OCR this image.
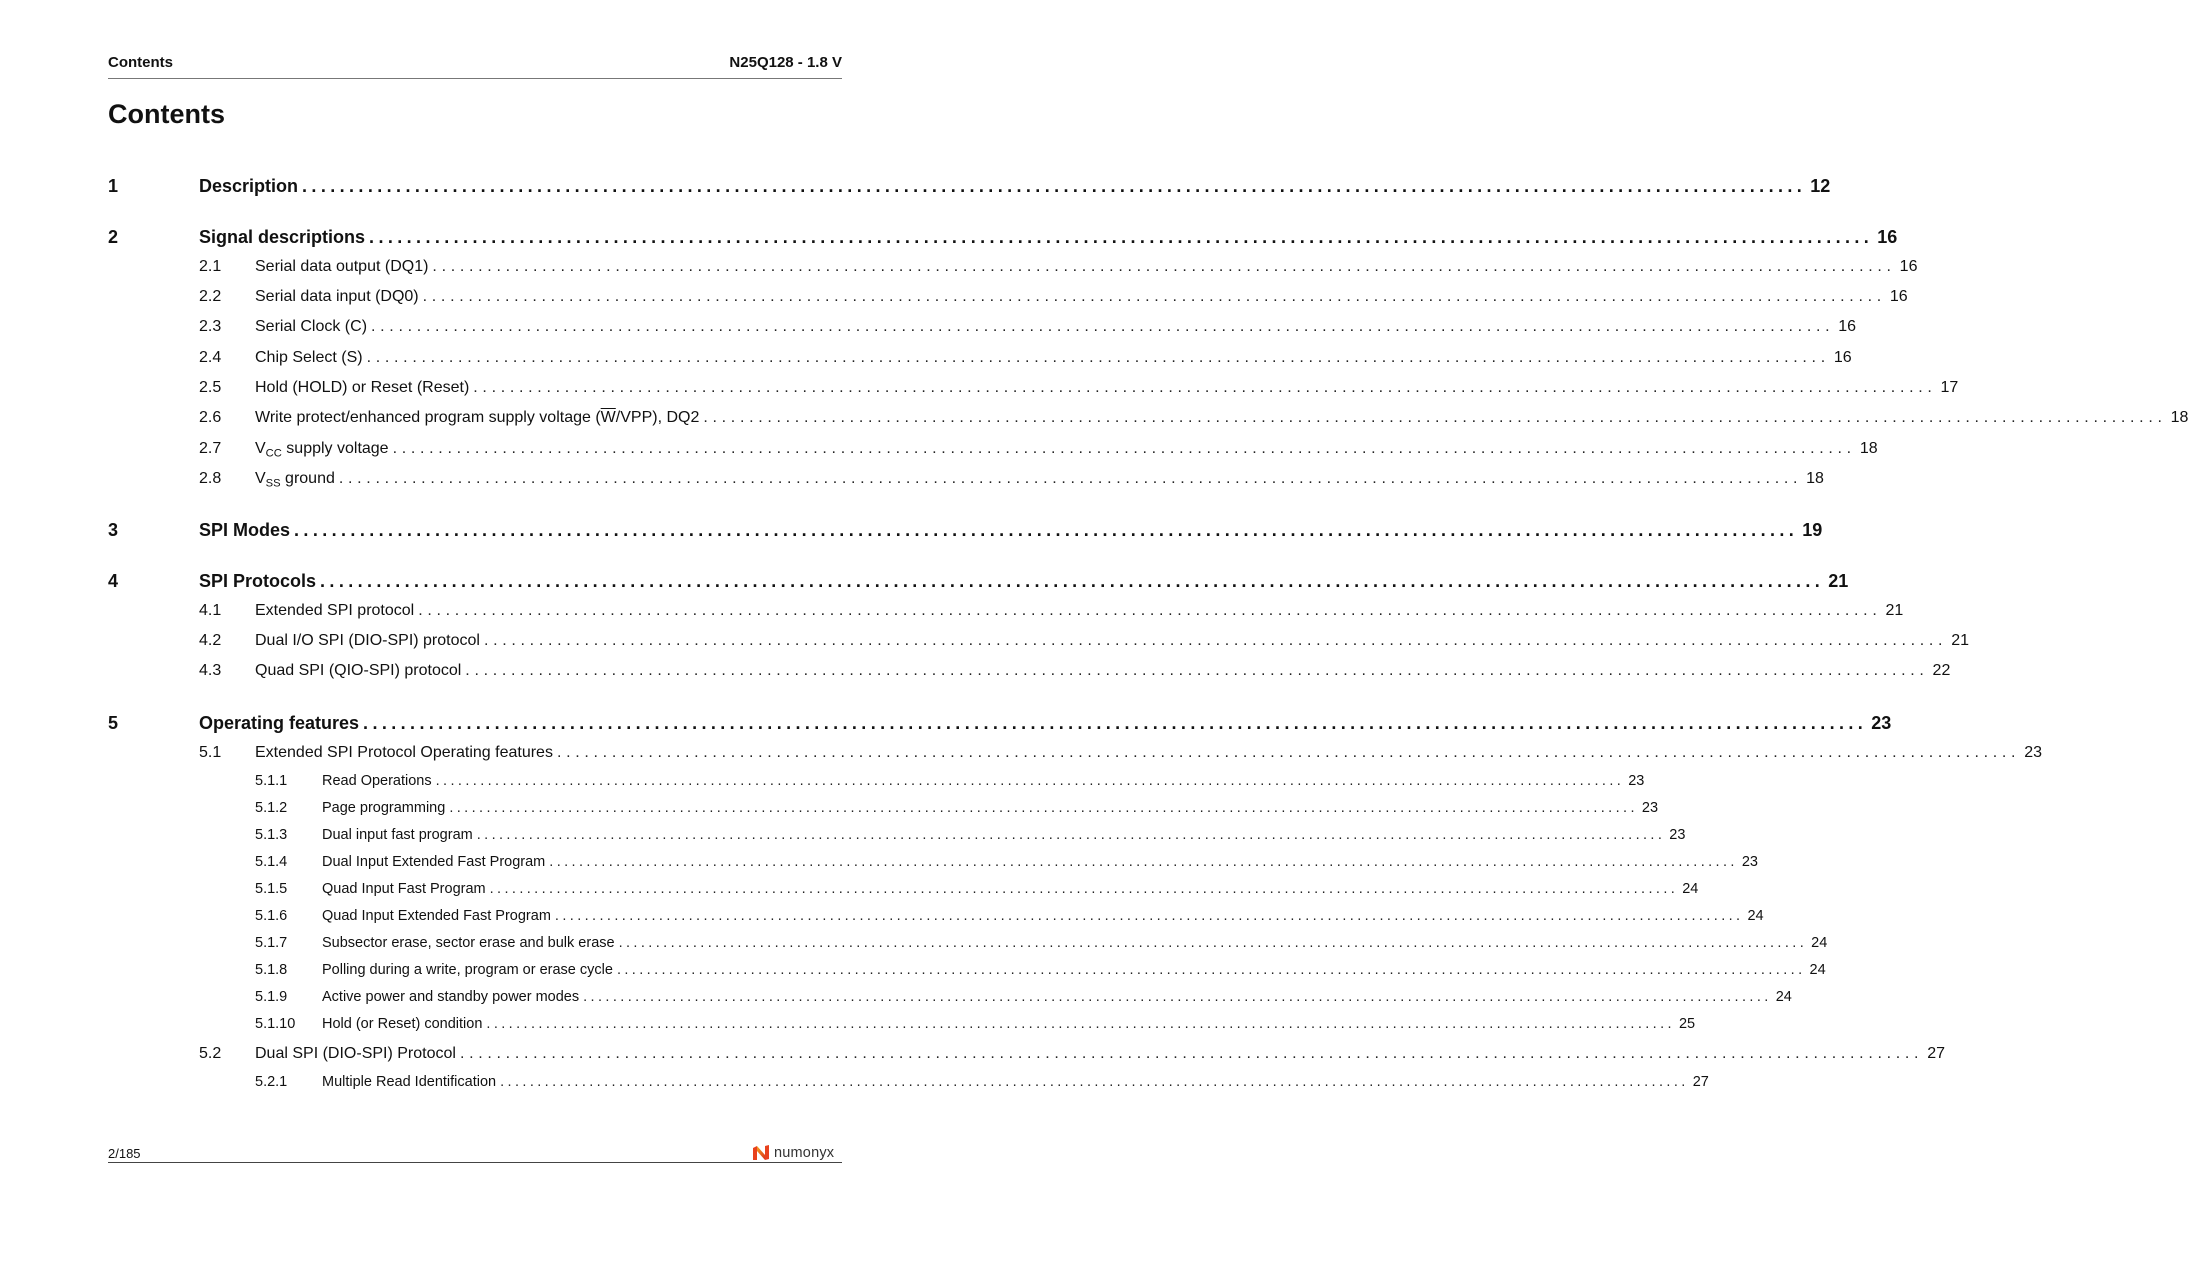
Contents	N25Q128 - 1.8 V
Contents
1	Description ................................................................................................................................................................ 12
2	Signal descriptions ................................................................................................................................................................ 16
2.1 Serial data output (DQ1) ................................................................................................................................................................ 16
2.2 Serial data input (DQ0) ................................................................................................................................................................ 16
2.3 Serial Clock (C) ................................................................................................................................................................ 16
2.4 Chip Select (S) ................................................................................................................................................................ 16
2.5 Hold (HOLD) or Reset (Reset) ................................................................................................................................................................ 17
2.6 Write protect/enhanced program supply voltage $(\overline{W}/VPP)$, DQ2 ................................................................................................................................................................ 18
2.7 $V_{CC}$ supply voltage ................................................................................................................................................................ 18
2.8 $V_{SS}$ ground ................................................................................................................................................................ 18
3	SPI Modes ................................................................................................................................................................ 19
4	SPI Protocols ................................................................................................................................................................ 21
4.1 Extended SPI protocol ................................................................................................................................................................ 21
4.2 Dual I/O SPI (DIO-SPI) protocol ................................................................................................................................................................ 21
4.3 Quad SPI (QIO-SPI) protocol ................................................................................................................................................................ 22
5	Operating features ................................................................................................................................................................ 23
5.1 Extended SPI Protocol Operating features ................................................................................................................................................................ 23
5.1.1 Read Operations ................................................................................................................................................................ 23
5.1.2 Page programming ................................................................................................................................................................ 23
5.1.3 Dual input fast program ................................................................................................................................................................ 23
5.1.4 Dual Input Extended Fast Program ................................................................................................................................................................ 23
5.1.5 Quad Input Fast Program ................................................................................................................................................................ 24
5.1.6 Quad Input Extended Fast Program ................................................................................................................................................................ 24
5.1.7 Subsector erase, sector erase and bulk erase ................................................................................................................................................................ 24
5.1.8 Polling during a write, program or erase cycle ................................................................................................................................................................ 24
5.1.9 Active power and standby power modes ................................................................................................................................................................ 24
5.1.10 Hold (or Reset) condition ................................................................................................................................................................ 25
5.2 Dual SPI (DIO-SPI) Protocol ................................................................................................................................................................ 27
5.2.1 Multiple Read Identification ................................................................................................................................................................ 27
2/185	numonyx
